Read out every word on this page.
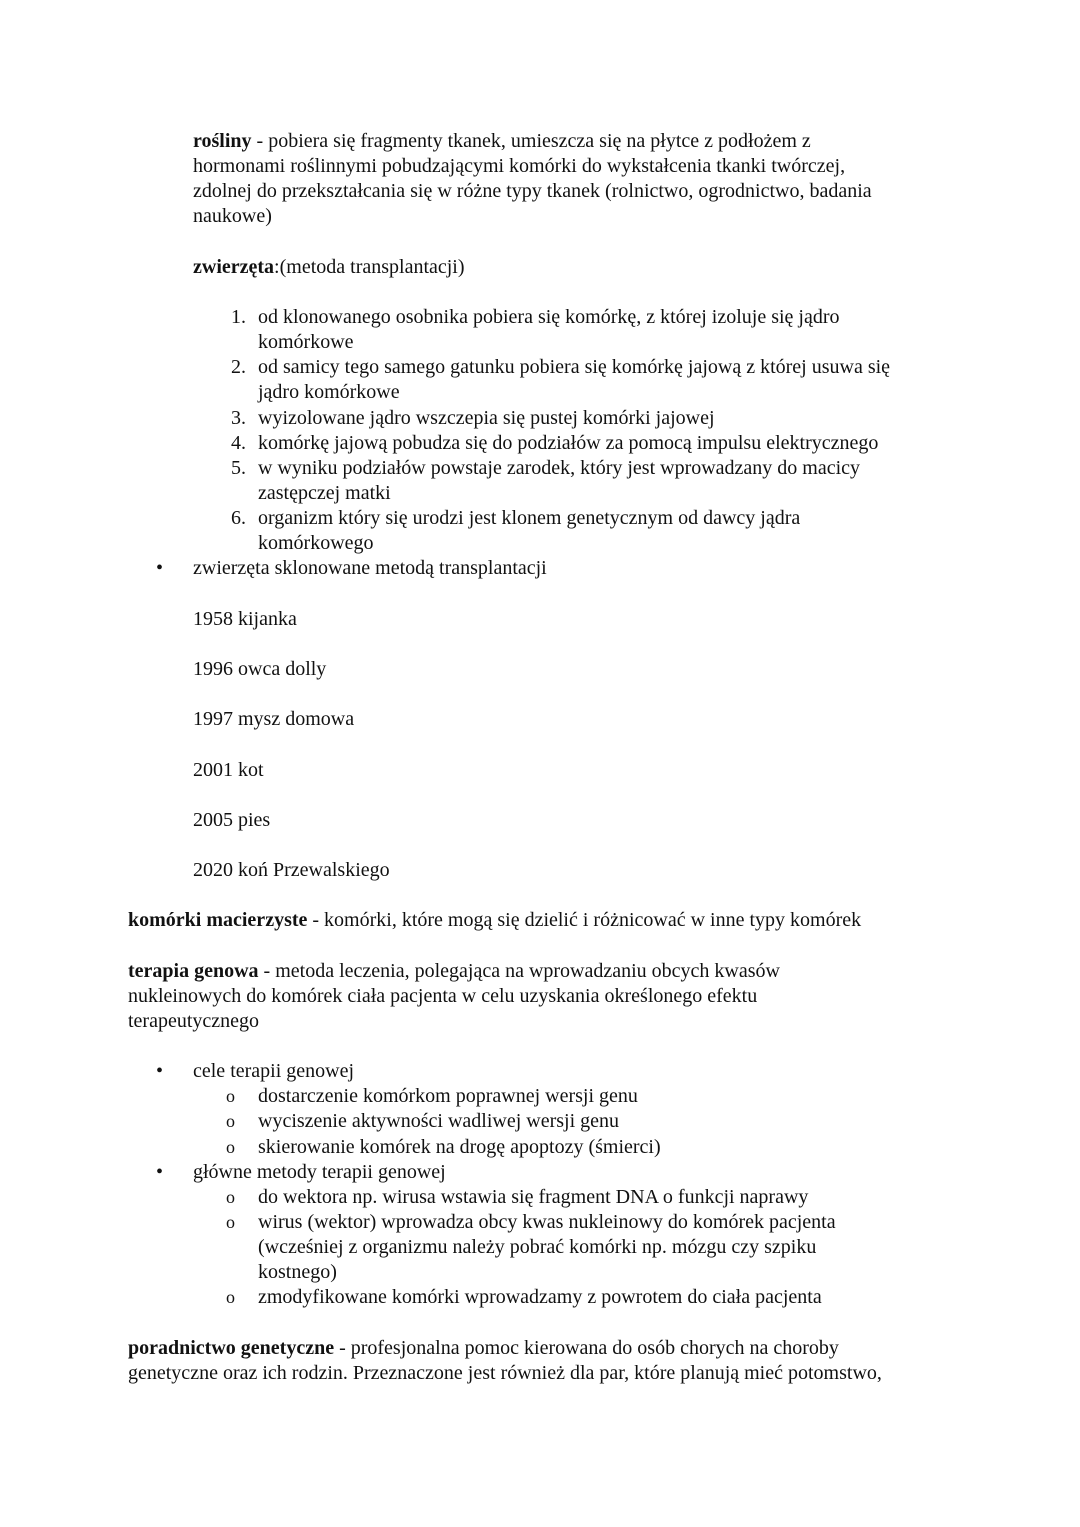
rośliny - pobiera się fragmenty tkanek, umieszcza się na płytce z podłożem z
hormonami roślinnymi pobudzającymi komórki do wykstałcenia tkanki twórczej,
zdolnej do przekształcania się w różne typy tkanek (rolnictwo, ogrodnictwo, badania
naukowe)
zwierzęta:(metoda transplantacji)
1. od klonowanego osobnika pobiera się komórkę, z której izoluje się jądro
komórkowe
2. od samicy tego samego gatunku pobiera się komórkę jajową z której usuwa się
jądro komórkowe
3. wyizolowane jądro wszczepia się pustej komórki jajowej
4. komórkę jajową pobudza się do podziałów za pomocą impulsu elektrycznego
5. w wyniku podziałów powstaje zarodek, który jest wprowadzany do macicy
zastępczej matki
6. organizm który się urodzi jest klonem genetycznym od dawcy jądra
komórkowego
• zwierzęta sklonowane metodą transplantacji
1958 kijanka
1996 owca dolly
1997 mysz domowa
2001 kot
2005 pies
2020 koń Przewalskiego
komórki macierzyste - komórki, które mogą się dzielić i różnicować w inne typy komórek
terapia genowa - metoda leczenia, polegająca na wprowadzaniu obcych kwasów
nukleinowych do komórek ciała pacjenta w celu uzyskania określonego efektu
terapeutycznego
• cele terapii genowej
o dostarczenie komórkom poprawnej wersji genu
o wyciszenie aktywności wadliwej wersji genu
o skierowanie komórek na drogę apoptozy (śmierci)
• główne metody terapii genowej
o do wektora np. wirusa wstawia się fragment DNA o funkcji naprawy
o wirus (wektor) wprowadza obcy kwas nukleinowy do komórek pacjenta
(wcześniej z organizmu należy pobrać komórki np. mózgu czy szpiku
kostnego)
o zmodyfikowane komórki wprowadzamy z powrotem do ciała pacjenta
poradnictwo genetyczne - profesjonalna pomoc kierowana do osób chorych na choroby
genetyczne oraz ich rodzin. Przeznaczone jest również dla par, które planują mieć potomstwo,
